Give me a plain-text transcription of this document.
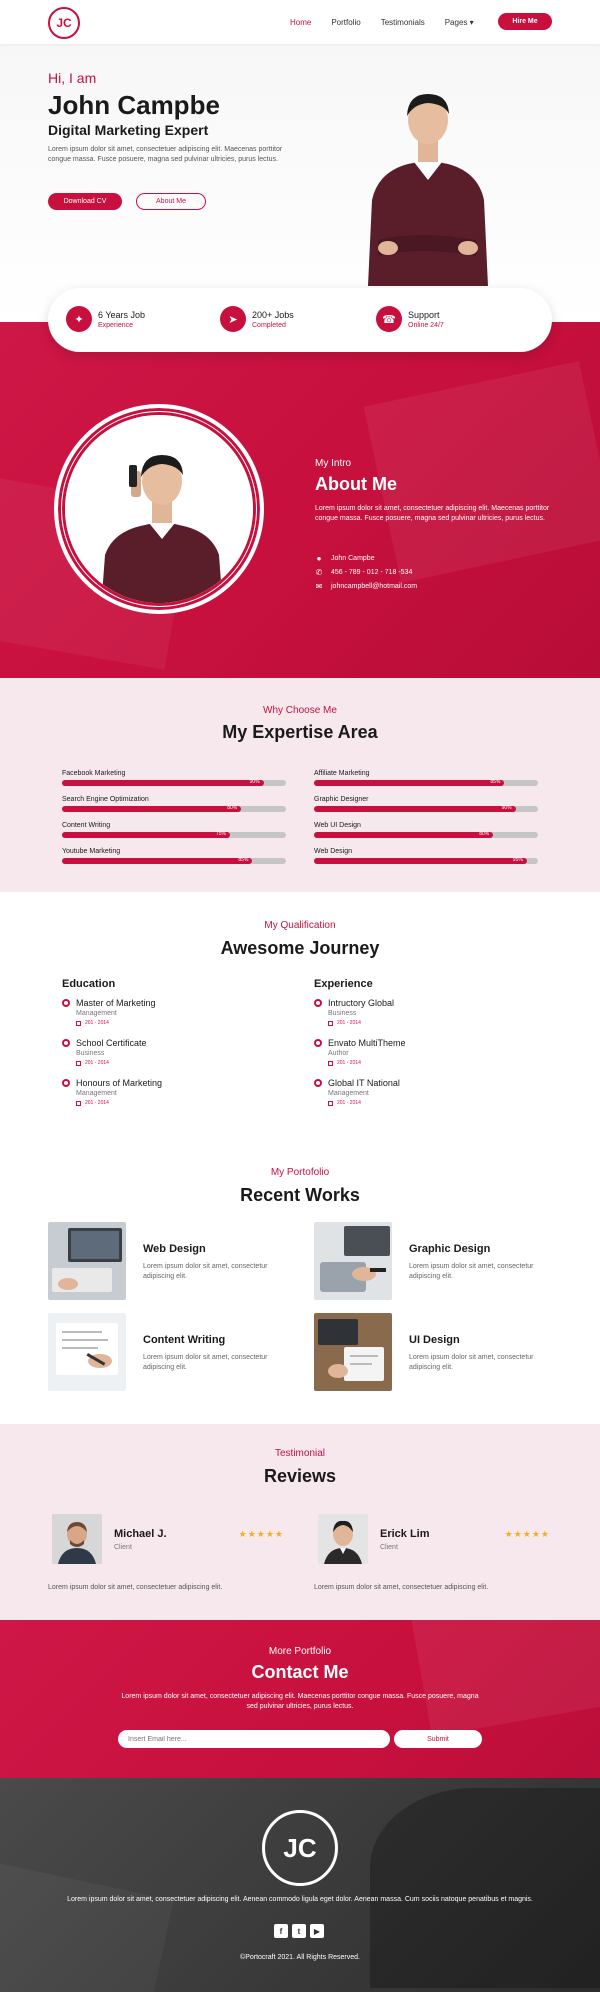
JC	Home	Portfolio	Testimonials	Pages ▾	Hire Me
Hi, I am
John Campbe
Digital Marketing Expert
Lorem ipsum dolor sit amet, consectetuer adipiscing elit. Maecenas porttitor congue massa. Fusce posuere, magna sed pulvinar ultricies, purus lectus.
Download CV	About Me
✦	6 Years Job
Experience	➤	200+ Jobs
Completed	☎	Support
Online 24/7
My Intro
About Me
Lorem ipsum dolor sit amet, consectetuer adipiscing elit. Maecenas porttitor congue massa. Fusce posuere, magna sed pulvinar ultricies, purus lectus.
● John Campbe
✆ 456 - 789 - 012 - 718 -534
✉ johncampbell@hotmail.com
Why Choose Me
My Expertise Area
Facebook Marketing
90%
Search Engine Optimization
80%
Content Writing
75%
Youtube Marketing
85%
Affiliate Marketing
85%
Graphic Designer
90%
Web UI Design
80%
Web Design
95%
My Qualification
Awesome Journey
Education	Experience
Master of Marketing
Management
201 - 2014
School Certificate
Business
201 - 2014
Honours of Marketing
Management
201 - 2014
Intructory Global
Business
201 - 2014
Envato MultiTheme
Author
201 - 2014
Global IT National
Management
201 - 2014
My Portofolio
Recent Works
Web Design
Lorem ipsum dolor sit amet, consectetur adipiscing elit.
Graphic Design
Lorem ipsum dolor sit amet, consectetur adipiscing elit.
Content Writing
Lorem ipsum dolor sit amet, consectetur adipiscing elit.
UI Design
Lorem ipsum dolor sit amet, consectetur adipiscing elit.
Testimonial
Reviews
Michael J.
Client
★★★★★
Lorem ipsum dolor sit amet, consectetuer adipiscing elit.
Erick Lim
Client
★★★★★
Lorem ipsum dolor sit amet, consectetuer adipiscing elit.
More Portfolio
Contact Me
Lorem ipsum dolor sit amet, consectetuer adipiscing elit. Maecenas porttitor congue massa. Fusce posuere, magna sed pulvinar ultricies, purus lectus.
Insert Email here...
Submit
JC
Lorem ipsum dolor sit amet, consectetuer adipiscing elit. Aenean commodo ligula eget dolor. Aenean massa. Cum sociis natoque penatibus et magnis.
f	t	▶
©Portocraft 2021. All Rights Reserved.
